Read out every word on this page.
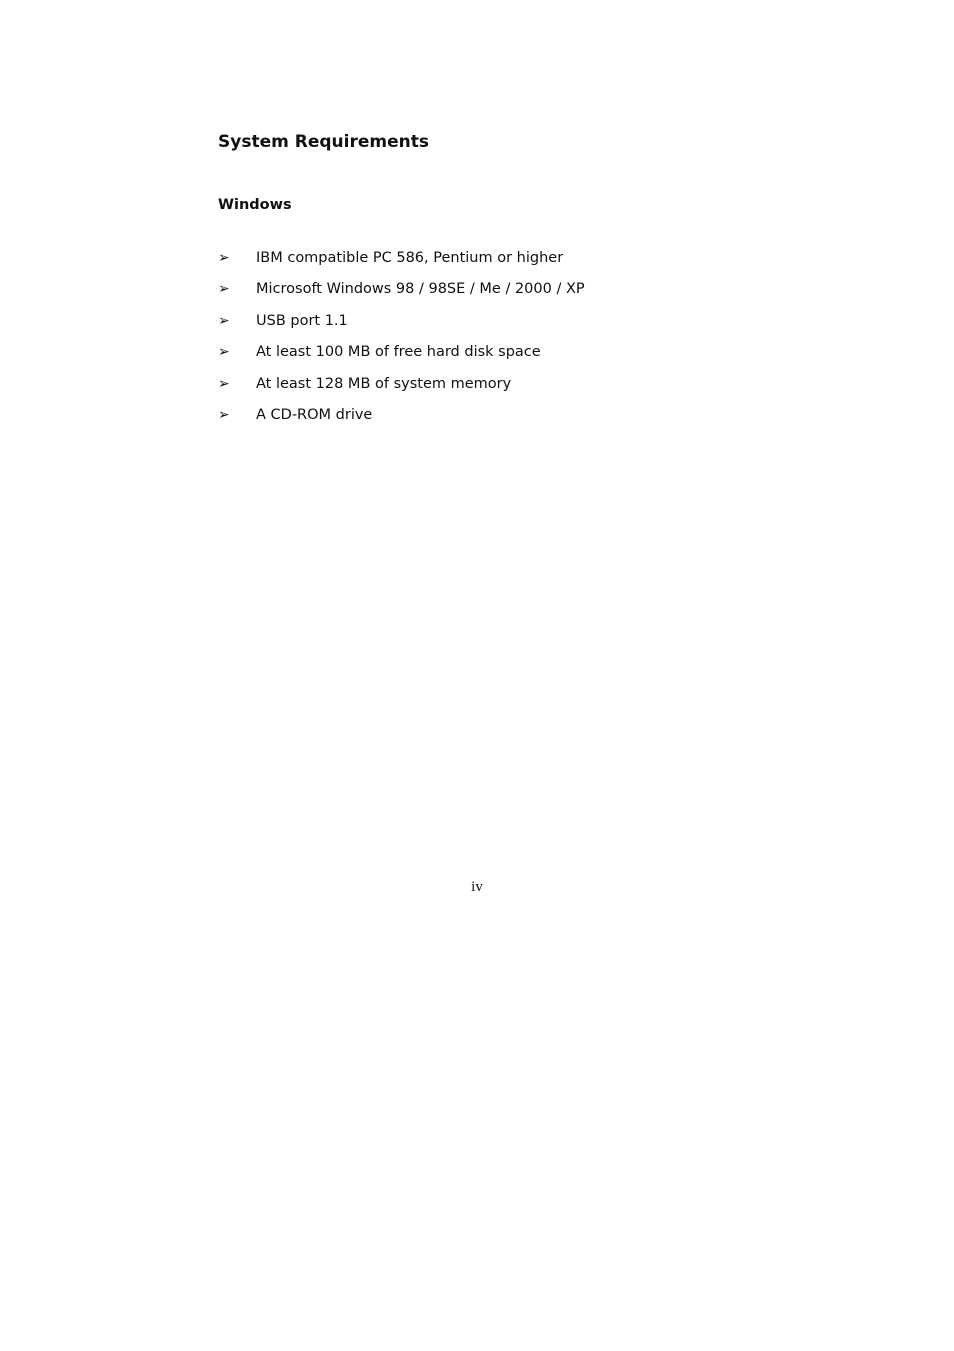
System Requirements
Windows
➢ IBM compatible PC 586, Pentium or higher
➢ Microsoft Windows 98 / 98SE / Me / 2000 / XP
➢ USB port 1.1
➢ At least 100 MB of free hard disk space
➢ At least 128 MB of system memory
➢ A CD-ROM drive
iv
